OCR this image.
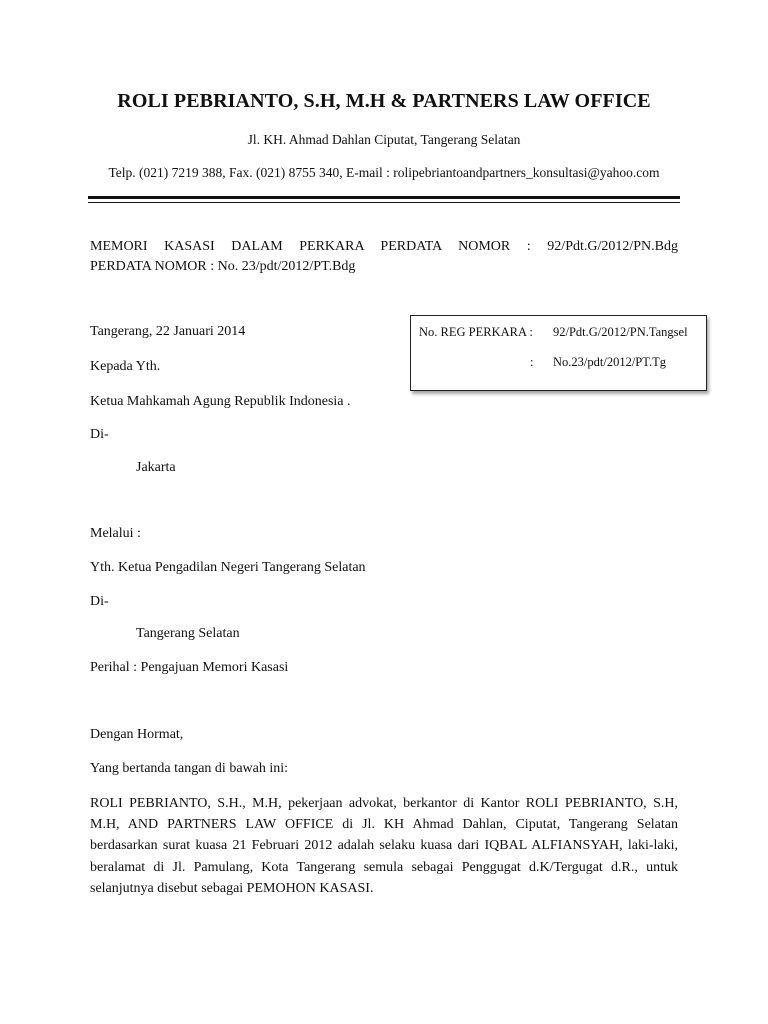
ROLI PEBRIANTO, S.H, M.H & PARTNERS LAW OFFICE
Jl. KH. Ahmad Dahlan Ciputat, Tangerang Selatan
Telp. (021) 7219 388, Fax. (021) 8755 340, E-mail : rolipebriantoandpartners_konsultasi@yahoo.com
MEMORI KASASI DALAM PERKARA PERDATA NOMOR : 92/Pdt.G/2012/PN.Bdg
PERDATA NOMOR : No. 23/pdt/2012/PT.Bdg
No. REG PERKARA : 92/Pdt.G/2012/PN.Tangsel
: No.23/pdt/2012/PT.Tg
Tangerang, 22 Januari 2014
Kepada Yth.
Ketua Mahkamah Agung Republik Indonesia .
Di-
Jakarta
Melalui :
Yth. Ketua Pengadilan Negeri Tangerang Selatan
Di-
Tangerang Selatan
Perihal : Pengajuan Memori Kasasi
Dengan Hormat,
Yang bertanda tangan di bawah ini:
ROLI PEBRIANTO, S.H., M.H, pekerjaan advokat, berkantor di Kantor ROLI PEBRIANTO, S.H, M.H, AND PARTNERS LAW OFFICE di Jl. KH Ahmad Dahlan, Ciputat, Tangerang Selatan berdasarkan surat kuasa 21 Februari 2012 adalah selaku kuasa dari IQBAL ALFIANSYAH, laki-laki, beralamat di Jl. Pamulang, Kota Tangerang semula sebagai Penggugat d.K/Tergugat d.R., untuk selanjutnya disebut sebagai PEMOHON KASASI.
